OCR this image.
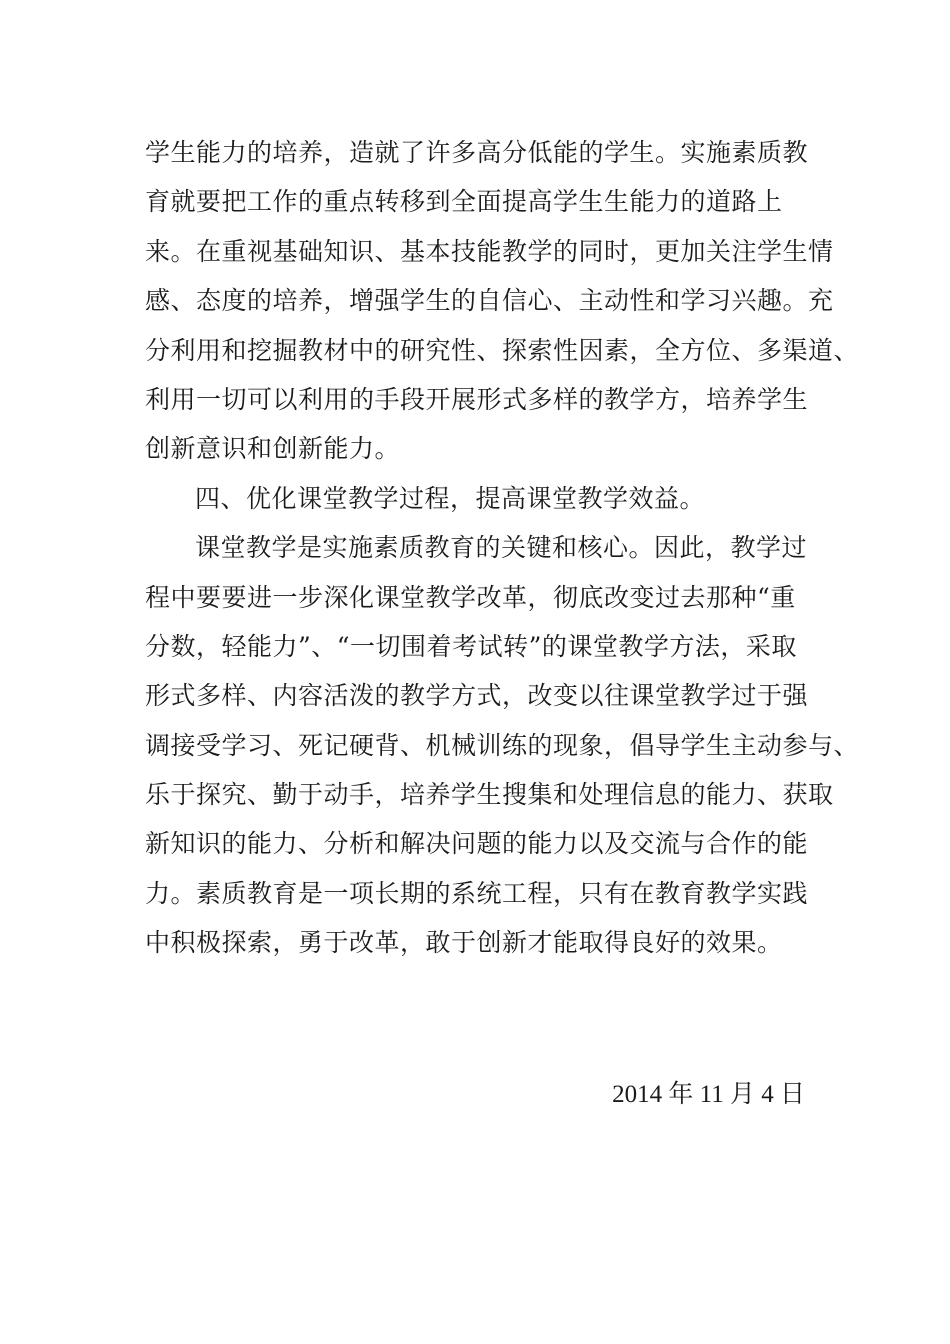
学生能力的培养，造就了许多高分低能的学生。实施素质教
育就要把工作的重点转移到全面提高学生生能力的道路上
来。在重视基础知识、基本技能教学的同时，更加关注学生情
感、态度的培养，增强学生的自信心、主动性和学习兴趣。充
分利用和挖掘教材中的研究性、探索性因素，全方位、多渠道、
利用一切可以利用的手段开展形式多样的教学方，培养学生
创新意识和创新能力。
四、优化课堂教学过程，提高课堂教学效益。
课堂教学是实施素质教育的关键和核心。因此，教学过
程中要要进一步深化课堂教学改革，彻底改变过去那种“重
分数，轻能力”、“一切围着考试转”的课堂教学方法，采取
形式多样、内容活泼的教学方式，改变以往课堂教学过于强
调接受学习、死记硬背、机械训练的现象，倡导学生主动参与、
乐于探究、勤于动手，培养学生搜集和处理信息的能力、获取
新知识的能力、分析和解决问题的能力以及交流与合作的能
力。素质教育是一项长期的系统工程，只有在教育教学实践
中积极探索，勇于改革，敢于创新才能取得良好的效果。
2014 年 11 月 4 日
